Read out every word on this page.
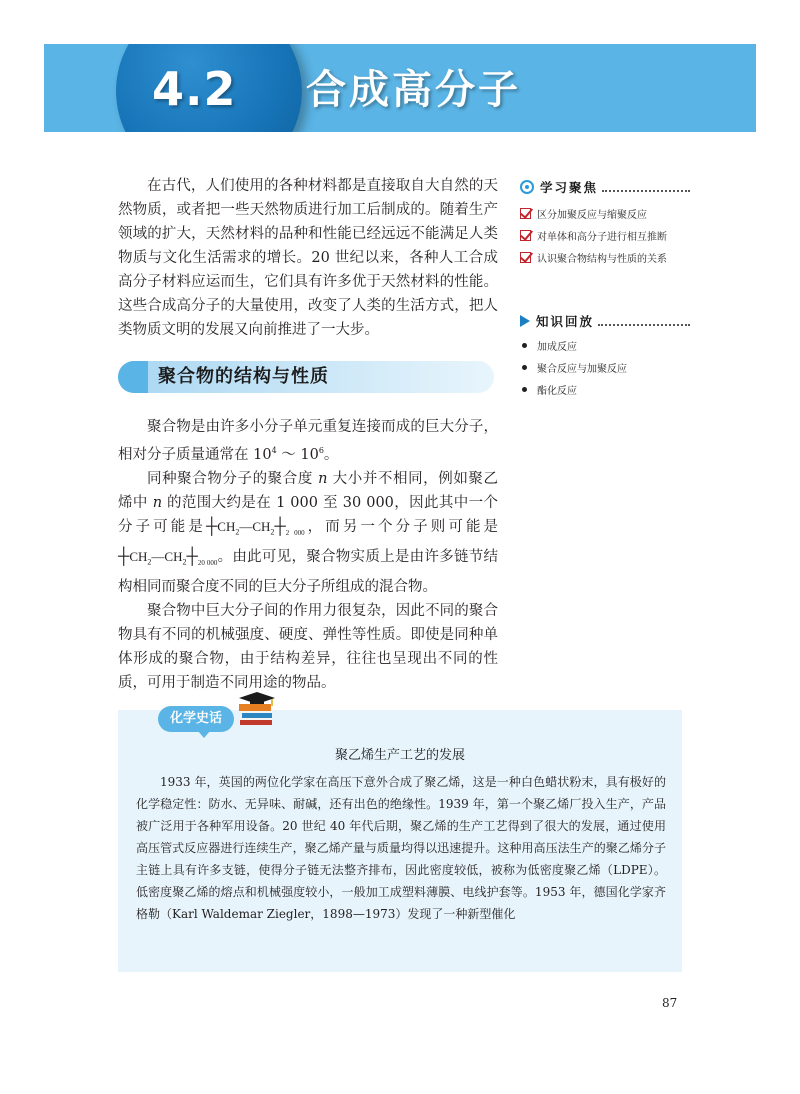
4.2	合成高分子

在古代，人们使用的各种材料都是直接取自大自然的天然物质，或者把一些天然物质进行加工后制成的。随着生产领域的扩大，天然材料的品种和性能已经远远不能满足人类物质与文化生活需求的增长。20 世纪以来，各种人工合成高分子材料应运而生，它们具有许多优于天然材料的性能。这些合成高分子的大量使用，改变了人类的生活方式，把人类物质文明的发展又向前推进了一大步。

学习聚焦
区分加聚反应与缩聚反应
对单体和高分子进行相互推断
认识聚合物结构与性质的关系
知识回放
加成反应
聚合反应与加聚反应
酯化反应
聚合物的结构与性质

聚合物是由许多小分子单元重复连接而成的巨大分子，相对分子质量通常在 $10^4$ ～ $10^6$。

同种聚合物分子的聚合度 n 大小并不相同，例如聚乙烯中 n 的范围大约是在 1 000 至 30 000，因此其中一个分子可能是$┼CH_2—CH_2┼_{2 000}$，而另一个分子则可能是$┼CH_2—CH_2┼_{20 000}$。由此可见，聚合物实质上是由许多链节结构相同而聚合度不同的巨大分子所组成的混合物。

聚合物中巨大分子间的作用力很复杂，因此不同的聚合物具有不同的机械强度、硬度、弹性等性质。即使是同种单体形成的聚合物，由于结构差异，往往也呈现出不同的性质，可用于制造不同用途的物品。

化学史话
聚乙烯生产工艺的发展

1933 年，英国的两位化学家在高压下意外合成了聚乙烯，这是一种白色蜡状粉末，具有极好的化学稳定性：防水、无异味、耐碱，还有出色的绝缘性。1939 年，第一个聚乙烯厂投入生产，产品被广泛用于各种军用设备。20 世纪 40 年代后期，聚乙烯的生产工艺得到了很大的发展，通过使用高压管式反应器进行连续生产，聚乙烯产量与质量均得以迅速提升。这种用高压法生产的聚乙烯分子主链上具有许多支链，使得分子链无法整齐排布，因此密度较低，被称为低密度聚乙烯（LDPE）。低密度聚乙烯的熔点和机械强度较小，一般加工成塑料薄膜、电线护套等。1953 年，德国化学家齐格勒（Karl Waldemar Ziegler，1898—1973）发现了一种新型催化

87
